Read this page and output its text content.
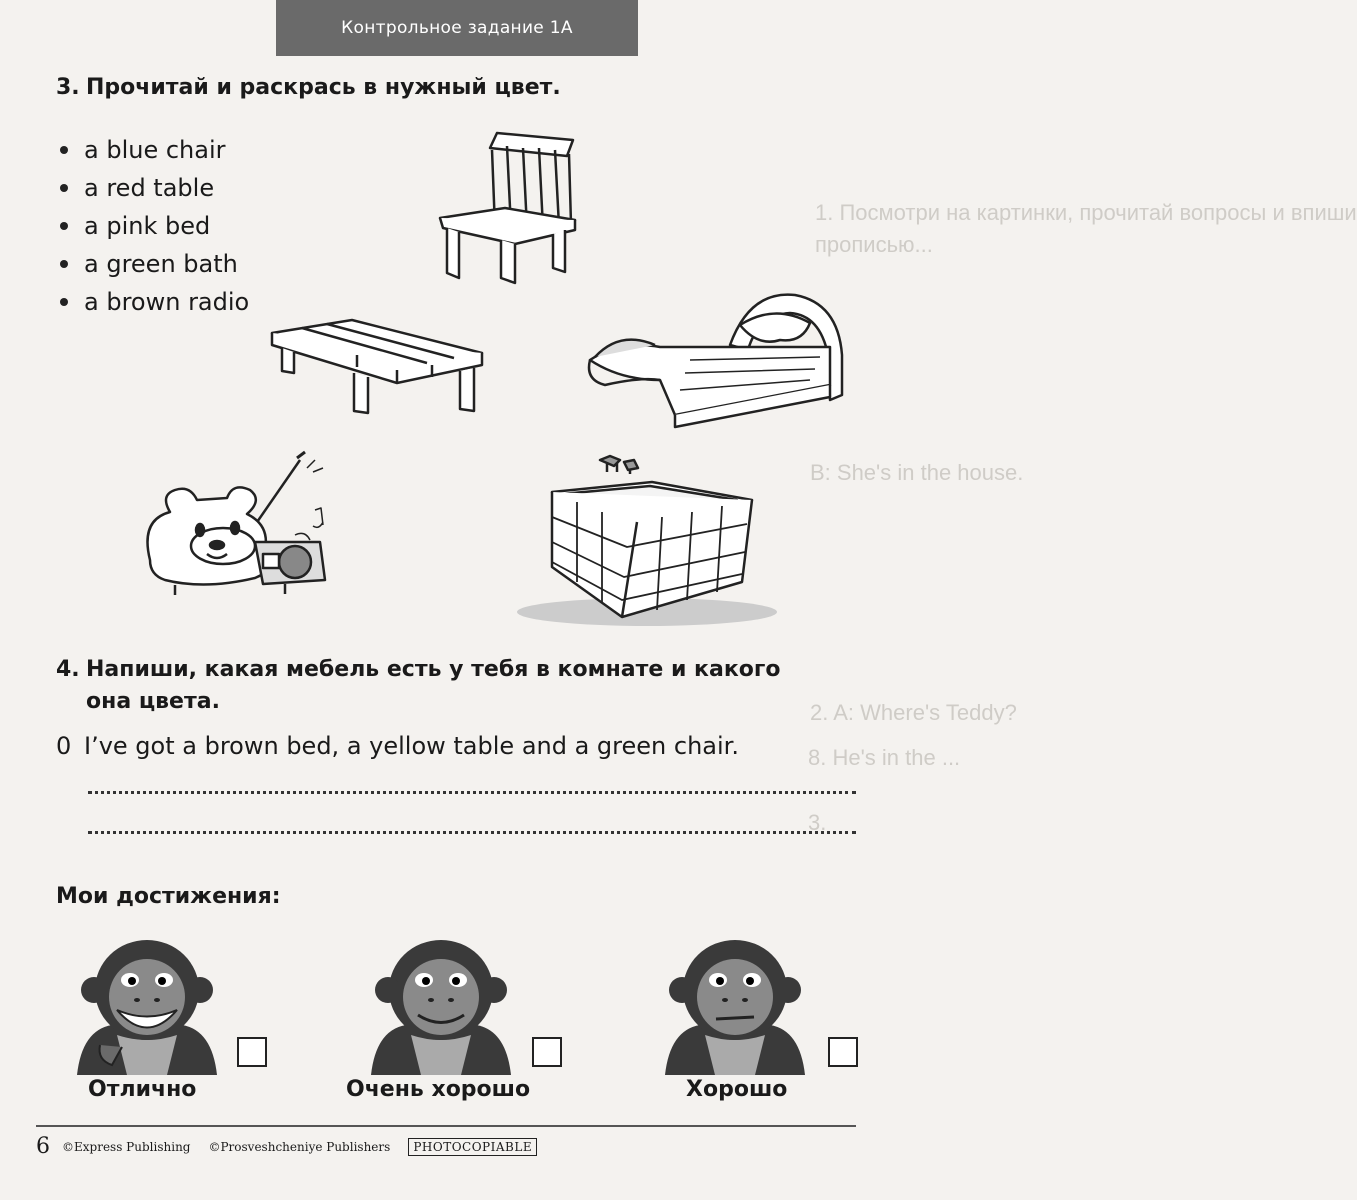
1. Посмотри на картинки, прочитай вопросы и впиши
прописью...
B: She's in the house.
2. A: Where's Teddy?
8. He's in the ...
3.
Контрольное задание 1А
3. Прочитай и раскрась в нужный цвет.
a blue chair
a red table
a pink bed
a green bath
a brown radio
4. Напиши, какая мебель есть у тебя в комнате и какого
она цвета.
0 I’ve got a brown bed, a yellow table and a green chair.
Мои достижения:
Отлично	Очень хорошо	Хорошо
6 ©Express Publishing ©Prosveshcheniye Publishers	PHOTOCOPIABLE
